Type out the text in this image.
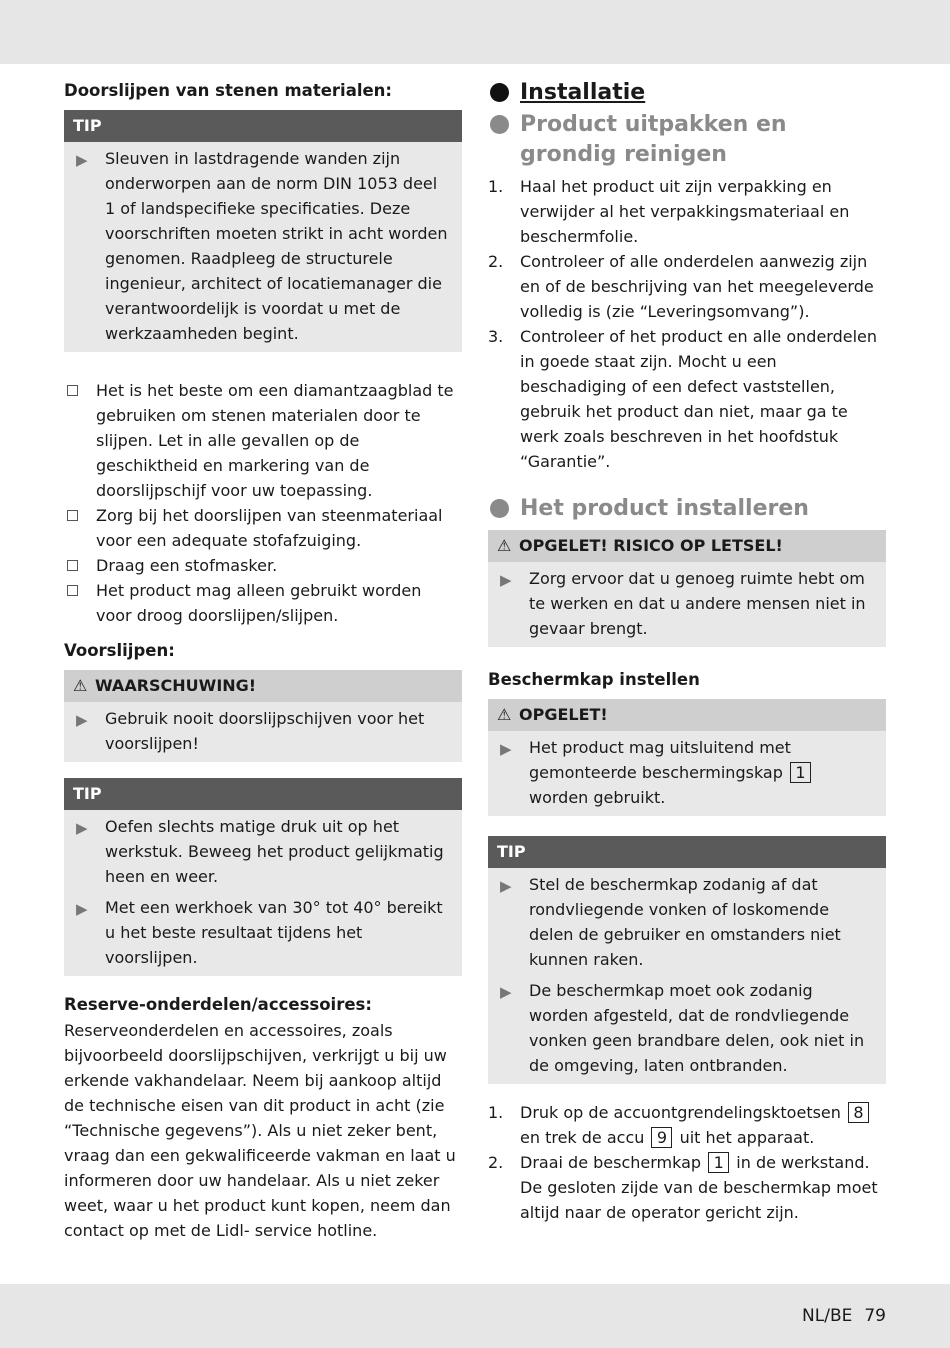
Doorslijpen van stenen materialen:
TIP
▶ Sleuven in lastdragende wanden zijn onderworpen aan de norm DIN 1053 deel 1 of landspecifieke specificaties. Deze voorschriften moeten strikt in acht worden genomen. Raadpleeg de structurele ingenieur, architect of locatiemanager die verantwoordelijk is voordat u met de werkzaamheden begint.
Het is het beste om een diamantzaagblad te gebruiken om stenen materialen door te slijpen. Let in alle gevallen op de geschiktheid en markering van de doorslijpschijf voor uw toepassing.
Zorg bij het doorslijpen van steenmateriaal voor een adequate stofafzuiging.
Draag een stofmasker.
Het product mag alleen gebruikt worden voor droog doorslijpen/slijpen.
Voorslijpen:
⚠ WAARSCHUWING!
▶ Gebruik nooit doorslijpschijven voor het voorslijpen!
TIP
▶ Oefen slechts matige druk uit op het werkstuk. Beweeg het product gelijkmatig heen en weer.
▶ Met een werkhoek van 30° tot 40° bereikt u het beste resultaat tijdens het voorslijpen.
Reserve-onderdelen/accessoires:
Reserveonderdelen en accessoires, zoals bijvoorbeeld doorslijpschijven, verkrijgt u bij uw erkende vakhandelaar. Neem bij aankoop altijd de technische eisen van dit product in acht (zie “Technische gegevens”). Als u niet zeker bent, vraag dan een gekwalificeerde vakman en laat u informeren door uw handelaar. Als u niet zeker weet, waar u het product kunt kopen, neem dan contact op met de Lidl- service hotline.
Installatie
Product uitpakken en grondig reinigen
1. Haal het product uit zijn verpakking en verwijder al het verpakkingsmateriaal en beschermfolie.
2. Controleer of alle onderdelen aanwezig zijn en of de beschrijving van het meegeleverde volledig is (zie “Leveringsomvang”).
3. Controleer of het product en alle onderdelen in goede staat zijn. Mocht u een beschadiging of een defect vaststellen, gebruik het product dan niet, maar ga te werk zoals beschreven in het hoofdstuk “Garantie”.
Het product installeren
⚠ OPGELET! RISICO OP LETSEL!
▶ Zorg ervoor dat u genoeg ruimte hebt om te werken en dat u andere mensen niet in gevaar brengt.
Beschermkap instellen
⚠ OPGELET!
▶ Het product mag uitsluitend met gemonteerde beschermingskap 1 worden gebruikt.
TIP
▶ Stel de beschermkap zodanig af dat rondvliegende vonken of loskomende delen de gebruiker en omstanders niet kunnen raken.
▶ De beschermkap moet ook zodanig worden afgesteld, dat de rondvliegende vonken geen brandbare delen, ook niet in de omgeving, laten ontbranden.
1. Druk op de accuontgrendelingsktoetsen 8 en trek de accu 9 uit het apparaat.
2. Draai de beschermkap 1 in de werkstand. De gesloten zijde van de beschermkap moet altijd naar de operator gericht zijn.
NL/BE 79
